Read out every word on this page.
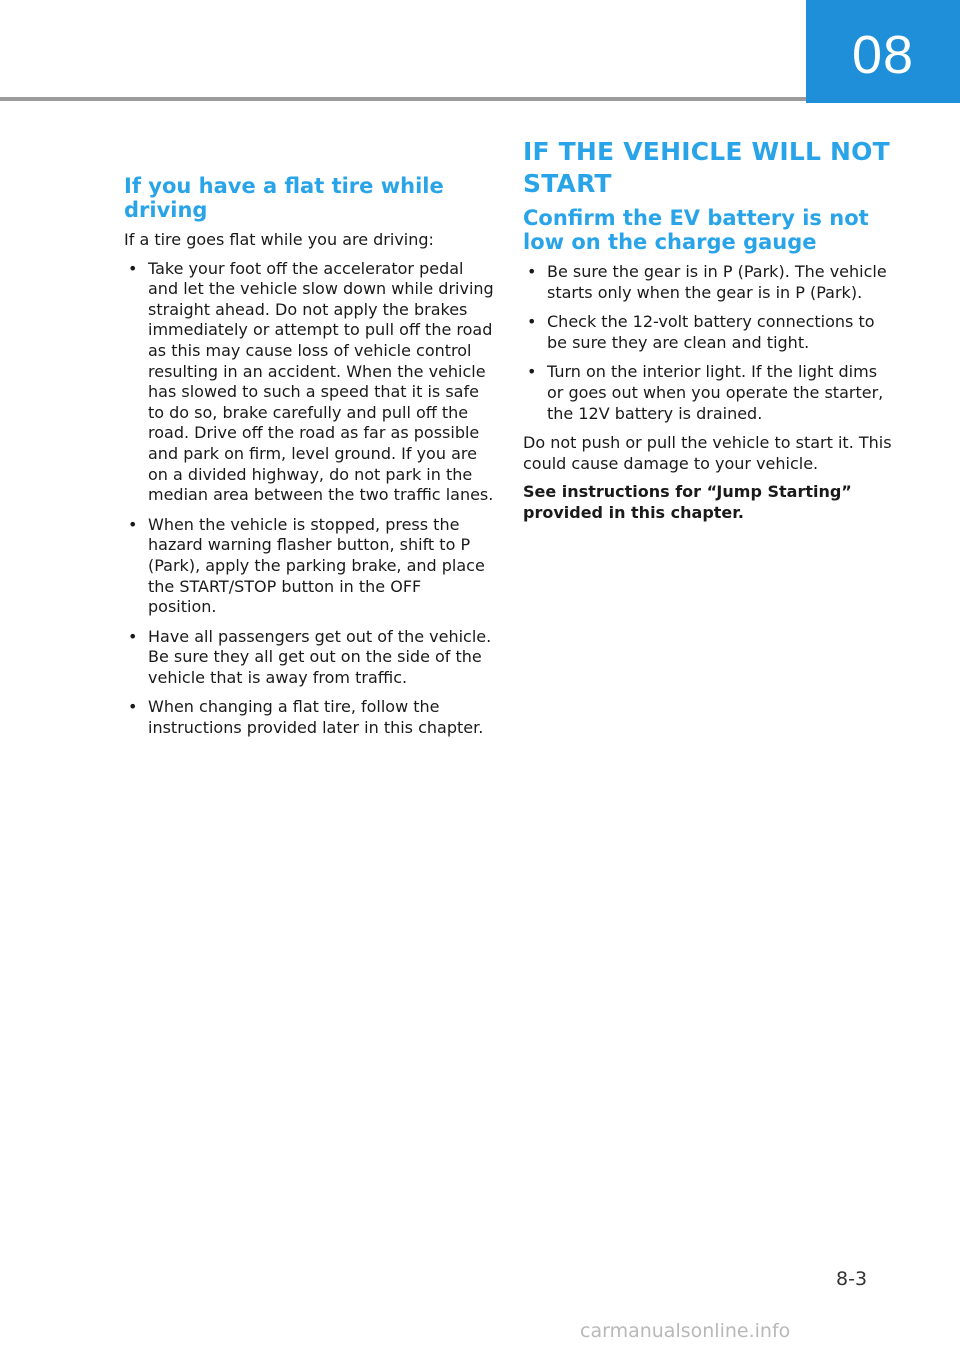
08
If you have a flat tire while driving
If a tire goes flat while you are driving:
• Take your foot off the accelerator pedal and let the vehicle slow down while driving straight ahead. Do not apply the brakes immediately or attempt to pull off the road as this may cause loss of vehicle control resulting in an accident. When the vehicle has slowed to such a speed that it is safe to do so, brake carefully and pull off the road. Drive off the road as far as possible and park on firm, level ground. If you are on a divided highway, do not park in the median area between the two traffic lanes.
• When the vehicle is stopped, press the hazard warning flasher button, shift to P (Park), apply the parking brake, and place the START/STOP button in the OFF position.
• Have all passengers get out of the vehicle. Be sure they all get out on the side of the vehicle that is away from traffic.
• When changing a flat tire, follow the instructions provided later in this chapter.
IF THE VEHICLE WILL NOT START
Confirm the EV battery is not low on the charge gauge
• Be sure the gear is in P (Park). The vehicle starts only when the gear is in P (Park).
• Check the 12-volt battery connections to be sure they are clean and tight.
• Turn on the interior light. If the light dims or goes out when you operate the starter, the 12V battery is drained.
Do not push or pull the vehicle to start it. This could cause damage to your vehicle.
See instructions for “Jump Starting” provided in this chapter.
8-3
carmanualsonline.info
